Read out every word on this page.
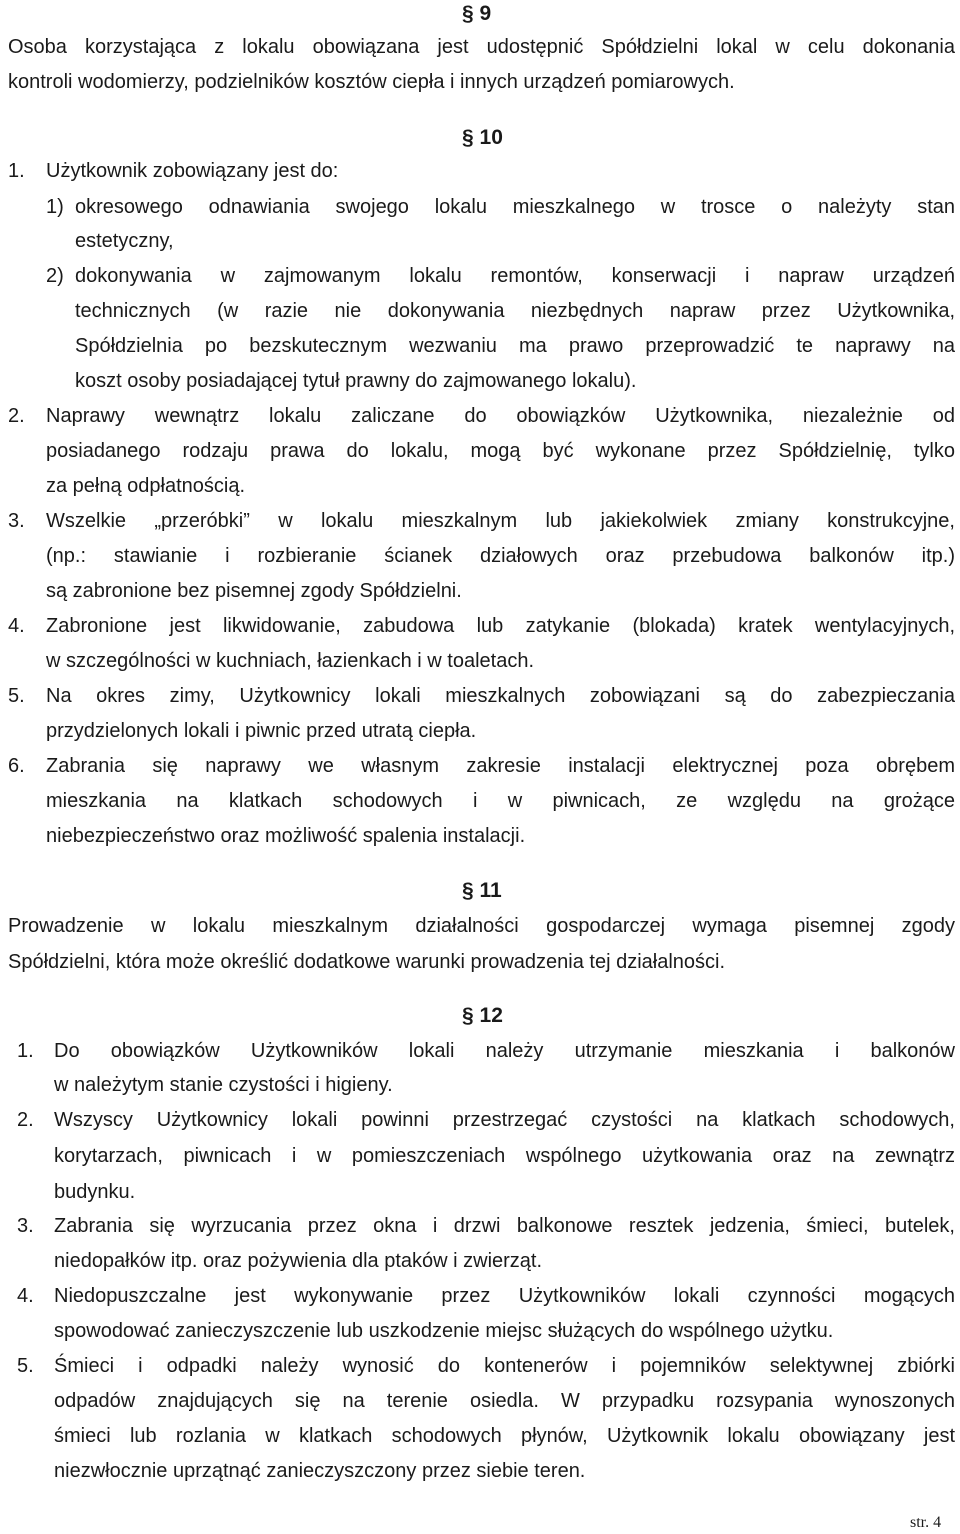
§ 9
Osoba korzystająca z lokalu obowiązana jest udostępnić Spółdzielni lokal w celu dokonania
kontroli wodomierzy, podzielników kosztów ciepła i innych urządzeń pomiarowych.
§ 10
1. Użytkownik zobowiązany jest do:
1) okresowego odnawiania swojego lokalu mieszkalnego w trosce o należyty stan
estetyczny,
2) dokonywania w zajmowanym lokalu remontów, konserwacji i napraw urządzeń
technicznych (w razie nie dokonywania niezbędnych napraw przez Użytkownika,
Spółdzielnia po bezskutecznym wezwaniu ma prawo przeprowadzić te naprawy na
koszt osoby posiadającej tytuł prawny do zajmowanego lokalu).
2. Naprawy wewnątrz lokalu zaliczane do obowiązków Użytkownika, niezależnie od
posiadanego rodzaju prawa do lokalu, mogą być wykonane przez Spółdzielnię, tylko
za pełną odpłatnością.
3. Wszelkie „przeróbki” w lokalu mieszkalnym lub jakiekolwiek zmiany konstrukcyjne,
(np.: stawianie i rozbieranie ścianek działowych oraz przebudowa balkonów itp.)
są zabronione bez pisemnej zgody Spółdzielni.
4. Zabronione jest likwidowanie, zabudowa lub zatykanie (blokada) kratek wentylacyjnych,
w szczególności w kuchniach, łazienkach i w toaletach.
5. Na okres zimy, Użytkownicy lokali mieszkalnych zobowiązani są do zabezpieczania
przydzielonych lokali i piwnic przed utratą ciepła.
6. Zabrania się naprawy we własnym zakresie instalacji elektrycznej poza obrębem
mieszkania na klatkach schodowych i w piwnicach, ze względu na grożące
niebezpieczeństwo oraz możliwość spalenia instalacji.
§ 11
Prowadzenie w lokalu mieszkalnym działalności gospodarczej wymaga pisemnej zgody
Spółdzielni, która może określić dodatkowe warunki prowadzenia tej działalności.
§ 12
1. Do obowiązków Użytkowników lokali należy utrzymanie mieszkania i balkonów
w należytym stanie czystości i higieny.
2. Wszyscy Użytkownicy lokali powinni przestrzegać czystości na klatkach schodowych,
korytarzach, piwnicach i w pomieszczeniach wspólnego użytkowania oraz na zewnątrz
budynku.
3. Zabrania się wyrzucania przez okna i drzwi balkonowe resztek jedzenia, śmieci, butelek,
niedopałków itp. oraz pożywienia dla ptaków i zwierząt.
4. Niedopuszczalne jest wykonywanie przez Użytkowników lokali czynności mogących
spowodować zanieczyszczenie lub uszkodzenie miejsc służących do wspólnego użytku.
5. Śmieci i odpadki należy wynosić do kontenerów i pojemników selektywnej zbiórki
odpadów znajdujących się na terenie osiedla. W przypadku rozsypania wynoszonych
śmieci lub rozlania w klatkach schodowych płynów, Użytkownik lokalu obowiązany jest
niezwłocznie uprzątnąć zanieczyszczony przez siebie teren.
str. 4
